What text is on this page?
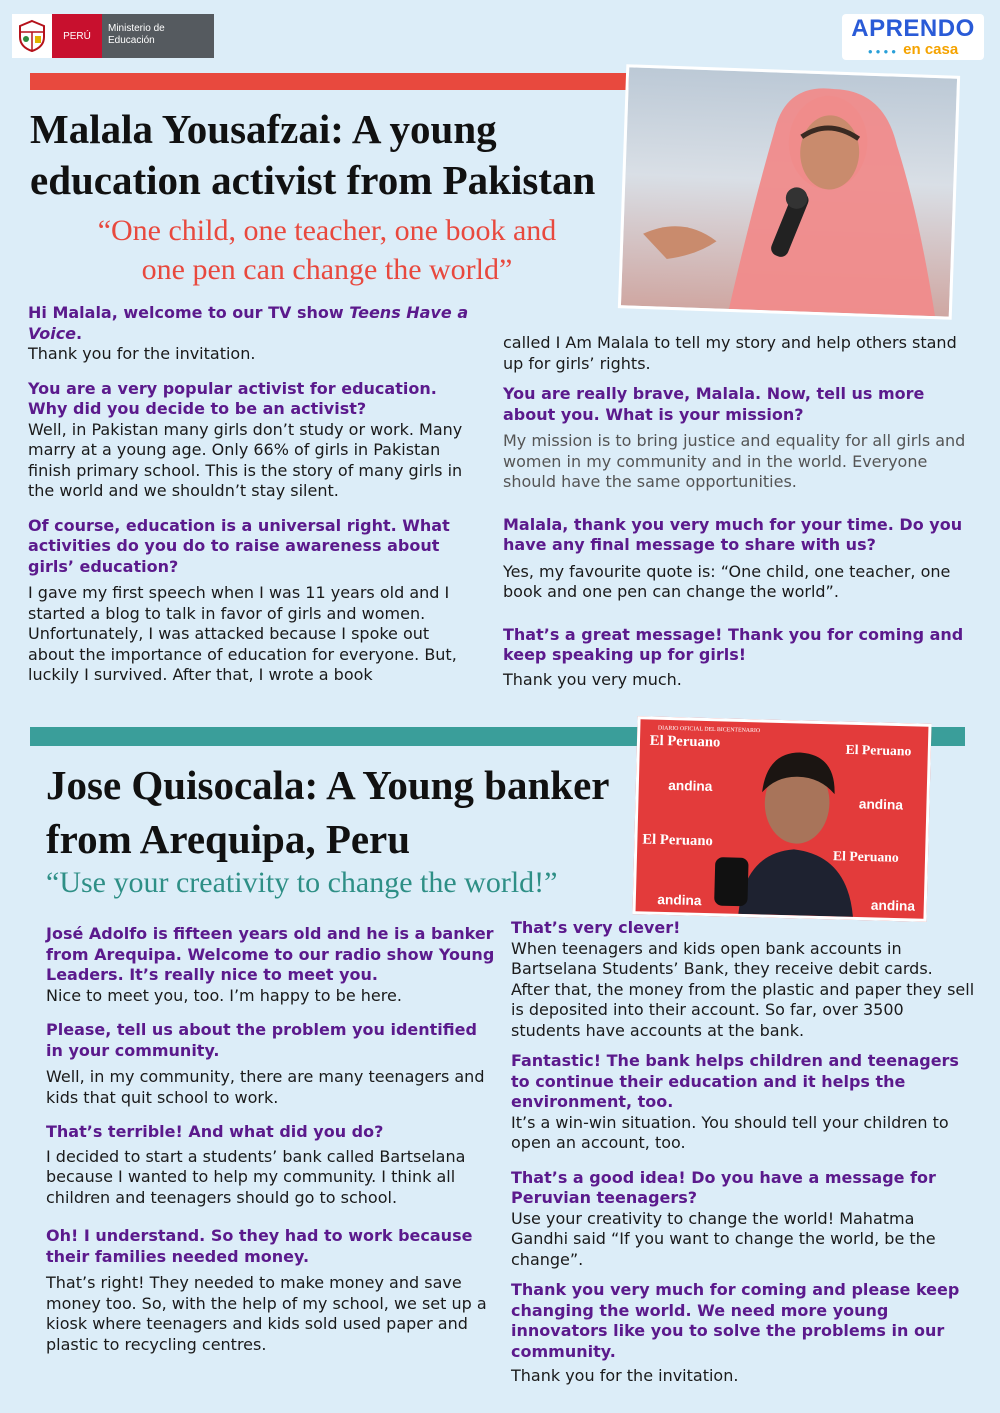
PERÚ
Ministerio de Educación	APRENDO
●●●● en casa
DIARIO OFICIAL DEL BICENTENARIO
El Peruano
andina
El Peruano
andina
El Peruano
El Peruano
andina	andina
Malala Yousafzai: A young education activist from Pakistan
“One child, one teacher, one book and one pen can change the world”

Hi Malala, welcome to our TV show Teens Have a Voice.

Thank you for the invitation.

You are a very popular activist for education. Why did you decide to be an activist?

Well, in Pakistan many girls don’t study or work. Many marry at a young age. Only 66% of girls in Pakistan finish primary school. This is the story of many girls in the world and we shouldn’t stay silent.

Of course, education is a universal right. What activities do you do to raise awareness about girls’ education?

I gave my first speech when I was 11 years old and I started a blog to talk in favor of girls and women. Unfortunately, I was attacked because I spoke out about the importance of education for everyone. But, luckily I survived. After that, I wrote a book

called I Am Malala to tell my story and help others stand up for girls’ rights.

You are really brave, Malala. Now, tell us more about you. What is your mission?

My mission is to bring justice and equality for all girls and women in my community and in the world. Everyone should have the same opportunities.

Malala, thank you very much for your time. Do you have any final message to share with us?

Yes, my favourite quote is: “One child, one teacher, one book and one pen can change the world”.

That’s a great message! Thank you for coming and keep speaking up for girls!

Thank you very much.

Jose Quisocala: A Young banker from Arequipa, Peru
“Use your creativity to change the world!”

José Adolfo is fifteen years old and he is a banker from Arequipa. Welcome to our radio show Young Leaders. It’s really nice to meet you.

Nice to meet you, too. I’m happy to be here.

Please, tell us about the problem you identified in your community.

Well, in my community, there are many teenagers and kids that quit school to work.

That’s terrible! And what did you do?

I decided to start a students’ bank called Bartselana because I wanted to help my community. I think all children and teenagers should go to school.

Oh! I understand. So they had to work because their families needed money.

That’s right! They needed to make money and save money too. So, with the help of my school, we set up a kiosk where teenagers and kids sold used paper and plastic to recycling centres.

That’s very clever!

When teenagers and kids open bank accounts in Bartselana Students’ Bank, they receive debit cards. After that, the money from the plastic and paper they sell is deposited into their account. So far, over 3500 students have accounts at the bank.

Fantastic! The bank helps children and teenagers to continue their education and it helps the environment, too.

It’s a win-win situation. You should tell your children to open an account, too.

That’s a good idea! Do you have a message for Peruvian teenagers?

Use your creativity to change the world! Mahatma Gandhi said “If you want to change the world, be the change”.

Thank you very much for coming and please keep changing the world. We need more young innovators like you to solve the problems in our community.

Thank you for the invitation.
